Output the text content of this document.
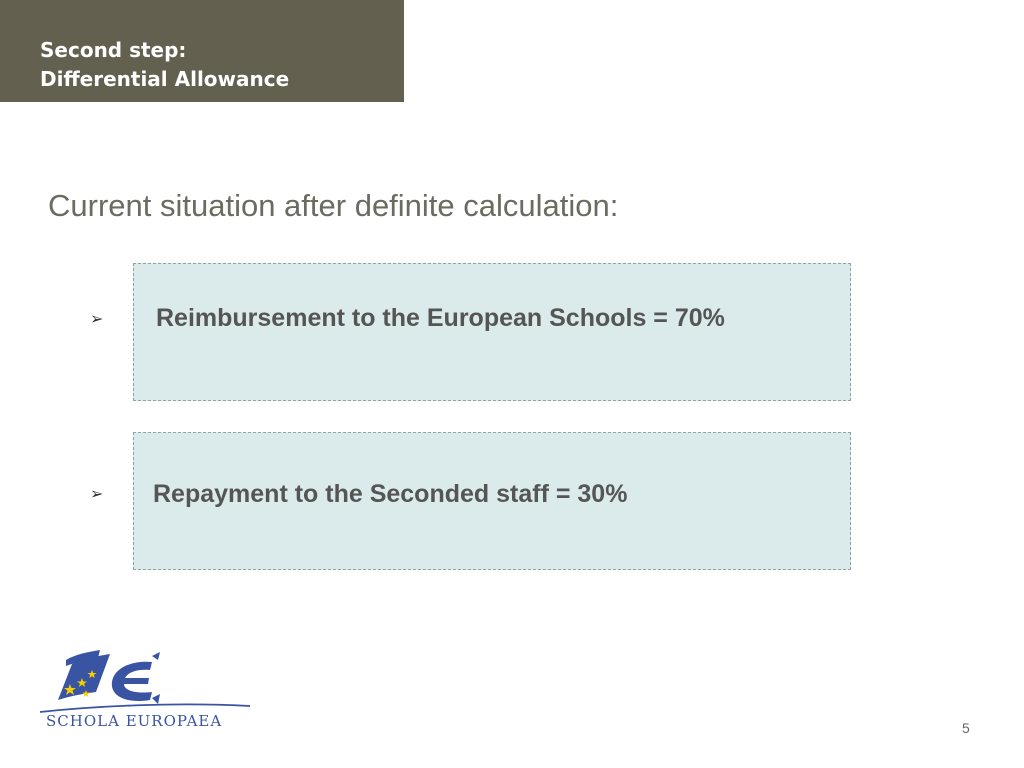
Second step:
Differential Allowance
Current situation after definite calculation:
➢ Reimbursement to the European Schools = 70%
➢ Repayment to the Seconded staff = 30%
SCHOLA EUROPAEA	5
